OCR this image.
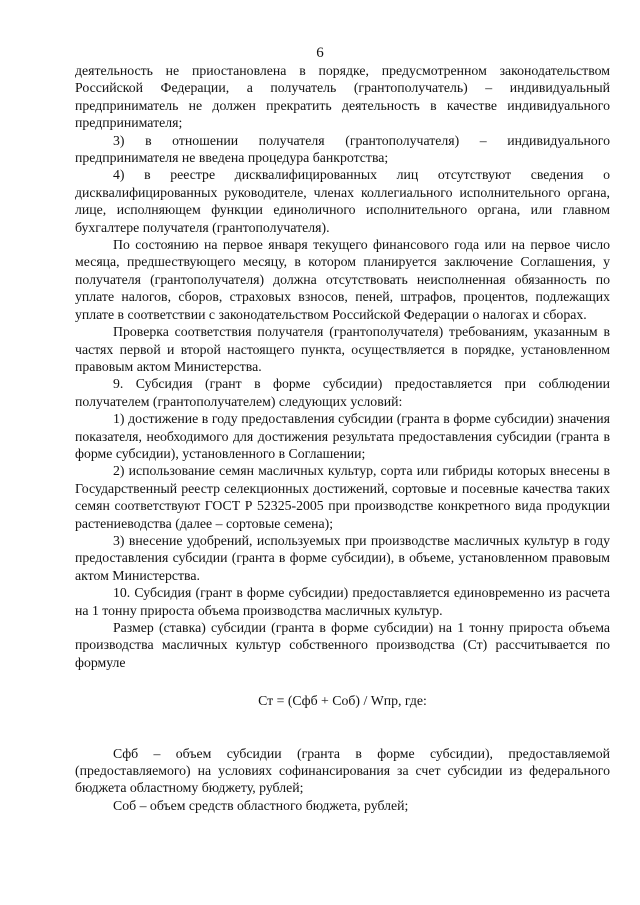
6

деятельность не приостановлена в порядке, предусмотренном законодательством Российской Федерации, а получатель (грантополучатель) – индивидуальный предприниматель не должен прекратить деятельность в качестве индивидуального предпринимателя;

3) в отношении получателя (грантополучателя) – индивидуального предпринимателя не введена процедура банкротства;

4) в реестре дисквалифицированных лиц отсутствуют сведения о дисквалифицированных руководителе, членах коллегиального исполнительного органа, лице, исполняющем функции единоличного исполнительного органа, или главном бухгалтере получателя (грантополучателя).

По состоянию на первое января текущего финансового года или на первое число месяца, предшествующего месяцу, в котором планируется заключение Соглашения, у получателя (грантополучателя) должна отсутствовать неисполненная обязанность по уплате налогов, сборов, страховых взносов, пеней, штрафов, процентов, подлежащих уплате в соответствии с законодательством Российской Федерации о налогах и сборах.

Проверка соответствия получателя (грантополучателя) требованиям, указанным в частях первой и второй настоящего пункта, осуществляется в порядке, установленном правовым актом Министерства.

9. Субсидия (грант в форме субсидии) предоставляется при соблюдении получателем (грантополучателем) следующих условий:

1) достижение в году предоставления субсидии (гранта в форме субсидии) значения показателя, необходимого для достижения результата предоставления субсидии (гранта в форме субсидии), установленного в Соглашении;

2) использование семян масличных культур, сорта или гибриды которых внесены в Государственный реестр селекционных достижений, сортовые и посевные качества таких семян соответствуют ГОСТ Р 52325-2005 при производстве конкретного вида продукции растениеводства (далее – сортовые семена);

3) внесение удобрений, используемых при производстве масличных культур в году предоставления субсидии (гранта в форме субсидии), в объеме, установленном правовым актом Министерства.

10. Субсидия (грант в форме субсидии) предоставляется единовременно из расчета на 1 тонну прироста объема производства масличных культур.

Размер (ставка) субсидии (гранта в форме субсидии) на 1 тонну прироста объема производства масличных культур собственного производства (Ст) рассчитывается по формуле

Ст = (Сфб + Соб) / Wпр, где:

Сфб – объем субсидии (гранта в форме субсидии), предоставляемой (предоставляемого) на условиях софинансирования за счет субсидии из федерального бюджета областному бюджету, рублей;

Соб – объем средств областного бюджета, рублей;
